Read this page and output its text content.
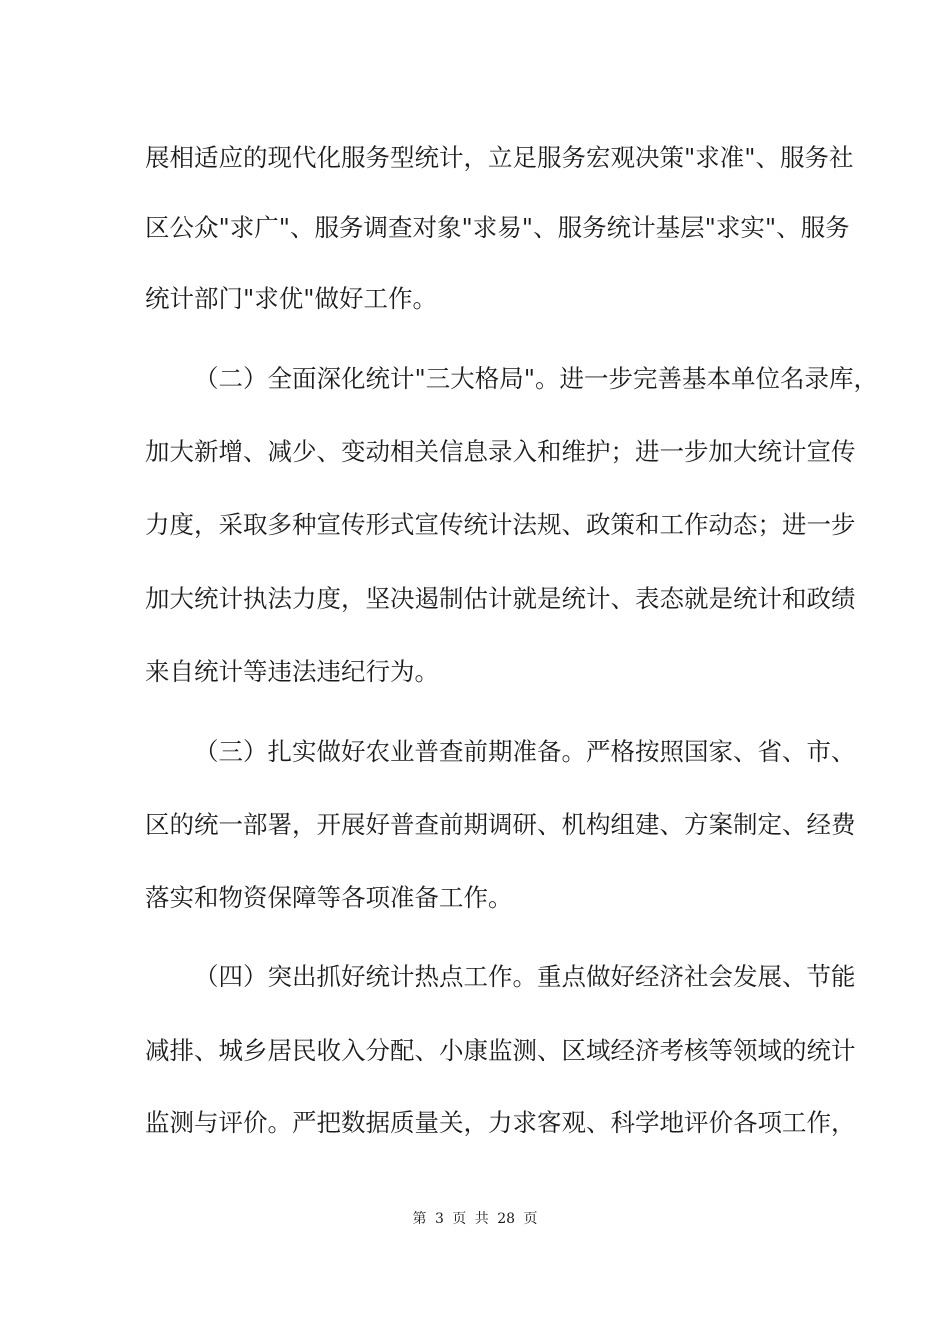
展相适应的现代化服务型统计，立足服务宏观决策"求准"、服务社
区公众"求广"、服务调查对象"求易"、服务统计基层"求实"、服务
统计部门"求优"做好工作。
（二）全面深化统计"三大格局"。进一步完善基本单位名录库，
加大新增、减少、变动相关信息录入和维护；进一步加大统计宣传
力度，采取多种宣传形式宣传统计法规、政策和工作动态；进一步
加大统计执法力度，坚决遏制估计就是统计、表态就是统计和政绩
来自统计等违法违纪行为。
（三）扎实做好农业普查前期准备。严格按照国家、省、市、
区的统一部署，开展好普查前期调研、机构组建、方案制定、经费
落实和物资保障等各项准备工作。
（四）突出抓好统计热点工作。重点做好经济社会发展、节能
减排、城乡居民收入分配、小康监测、区域经济考核等领域的统计
监测与评价。严把数据质量关，力求客观、科学地评价各项工作，
第 3 页 共 28 页
